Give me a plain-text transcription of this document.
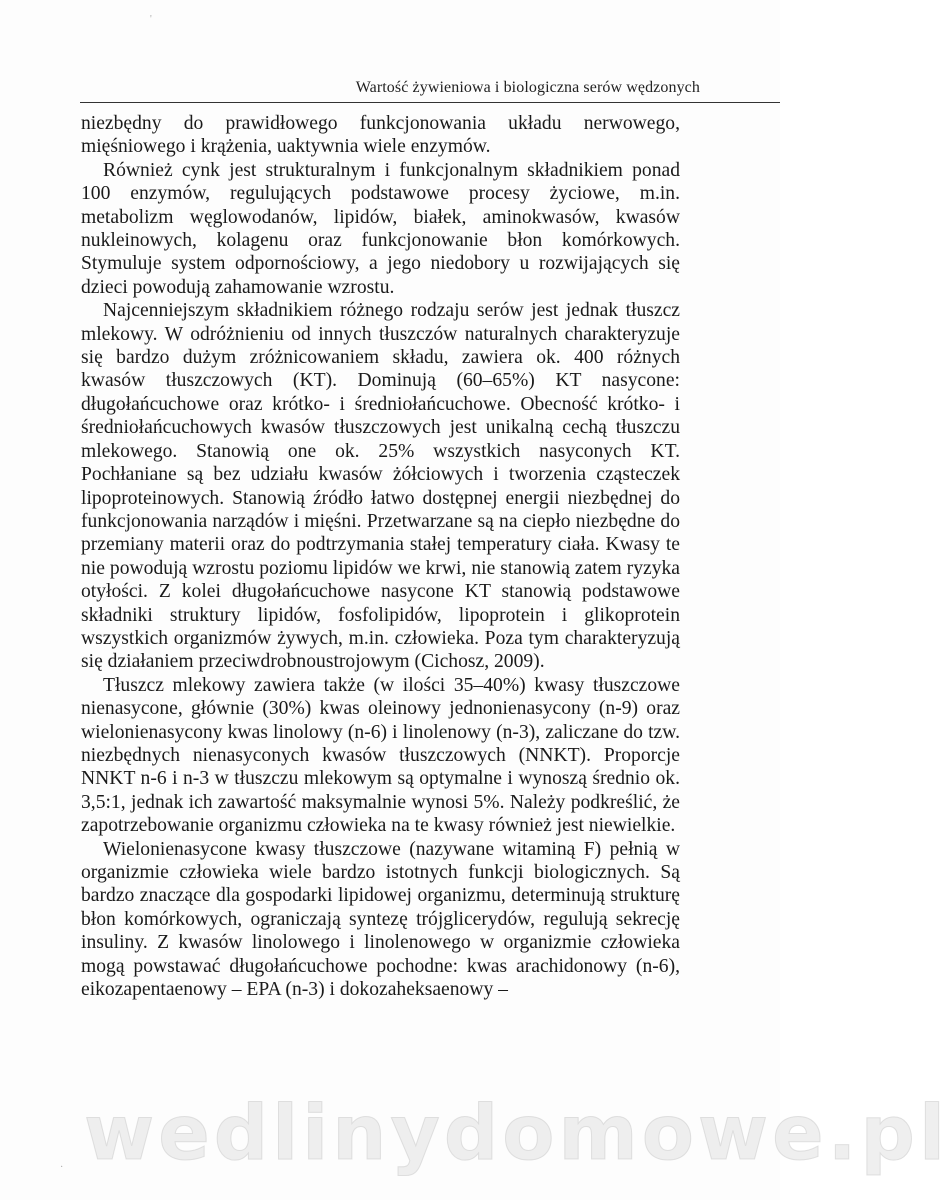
Wartość żywieniowa i biologiczna serów wędzonych

niezbędny do prawidłowego funkcjonowania układu nerwowego, mięśniowego i krążenia, uaktywnia wiele enzymów.

Również cynk jest strukturalnym i funkcjonalnym składnikiem ponad 100 enzymów, regulujących podstawowe procesy życiowe, m.in. metabolizm węglowodanów, lipidów, białek, aminokwasów, kwasów nukleinowych, kolagenu oraz funkcjonowanie błon komórkowych. Stymuluje system odpornościowy, a jego niedobory u rozwijających się dzieci powodują zahamowanie wzrostu.

Najcenniejszym składnikiem różnego rodzaju serów jest jednak tłuszcz mlekowy. W odróżnieniu od innych tłuszczów naturalnych charakteryzuje się bardzo dużym zróżnicowaniem składu, zawiera ok. 400 różnych kwasów tłuszczowych (KT). Dominują (60–65%) KT nasycone: długołańcuchowe oraz krótko- i średniołańcuchowe. Obecność krótko- i średniołańcuchowych kwasów tłuszczowych jest unikalną cechą tłuszczu mlekowego. Stanowią one ok. 25% wszystkich nasyconych KT. Pochłaniane są bez udziału kwasów żółciowych i tworzenia cząsteczek lipoproteinowych. Stanowią źródło łatwo dostępnej energii niezbędnej do funkcjonowania narządów i mięśni. Przetwarzane są na ciepło niezbędne do przemiany materii oraz do podtrzymania stałej temperatury ciała. Kwasy te nie powodują wzrostu poziomu lipidów we krwi, nie stanowią zatem ryzyka otyłości. Z kolei długołańcuchowe nasycone KT stanowią podstawowe składniki struktury lipidów, fosfolipidów, lipoprotein i glikoprotein wszystkich organizmów żywych, m.in. człowieka. Poza tym charakteryzują się działaniem przeciwdrobnoustrojowym (Cichosz, 2009).

Tłuszcz mlekowy zawiera także (w ilości 35–40%) kwasy tłuszczowe nienasycone, głównie (30%) kwas oleinowy jednonienasycony (n-9) oraz wielonienasycony kwas linolowy (n-6) i linolenowy (n-3), zaliczane do tzw. niezbędnych nienasyconych kwasów tłuszczowych (NNKT). Proporcje NNKT n-6 i n-3 w tłuszczu mlekowym są optymalne i wynoszą średnio ok. 3,5:1, jednak ich zawartość maksymalnie wynosi 5%. Należy podkreślić, że zapotrzebowanie organizmu człowieka na te kwasy również jest niewielkie.

Wielonienasycone kwasy tłuszczowe (nazywane witaminą F) pełnią w organizmie człowieka wiele bardzo istotnych funkcji biologicznych. Są bardzo znaczące dla gospodarki lipidowej organizmu, determinują strukturę błon komórkowych, ograniczają syntezę trójglicerydów, regulują sekrecję insuliny. Z kwasów linolowego i linolenowego w organizmie człowieka mogą powstawać długołańcuchowe pochodne: kwas arachidonowy (n-6), eikozapentaenowy – EPA (n-3) i dokozaheksaenowy –

wedlinydomowe.pl
'
·
